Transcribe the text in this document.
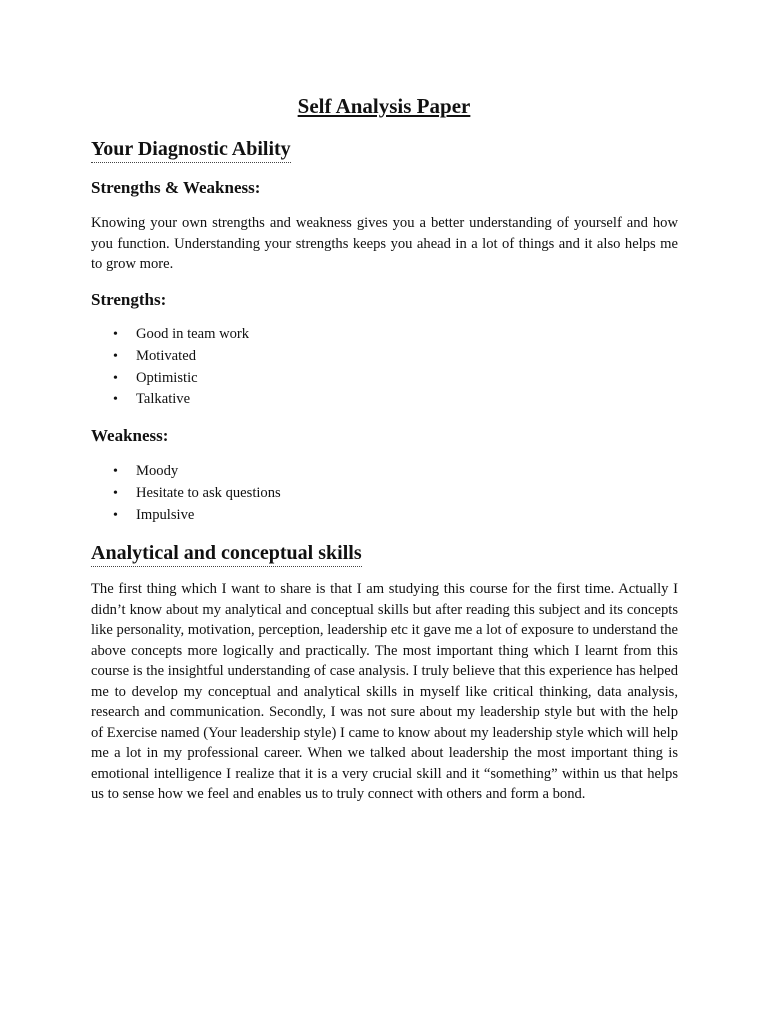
Self Analysis Paper
Your Diagnostic Ability
Strengths & Weakness:

Knowing your own strengths and weakness gives you a better understanding of yourself and how you function. Understanding your strengths keeps you ahead in a lot of things and it also helps me to grow more.

Strengths:
• Good in team work
• Motivated
• Optimistic
• Talkative
Weakness:
• Moody
• Hesitate to ask questions
• Impulsive
Analytical and conceptual skills

The first thing which I want to share is that I am studying this course for the first time. Actually I didn’t know about my analytical and conceptual skills but after reading this subject and its concepts like personality, motivation, perception, leadership etc it gave me a lot of exposure to understand the above concepts more logically and practically. The most important thing which I learnt from this course is the insightful understanding of case analysis. I truly believe that this experience has helped me to develop my conceptual and analytical skills in myself like critical thinking, data analysis, research and communication. Secondly, I was not sure about my leadership style but with the help of Exercise named (Your leadership style) I came to know about my leadership style which will help me a lot in my professional career. When we talked about leadership the most important thing is emotional intelligence I realize that it is a very crucial skill and it “something” within us that helps us to sense how we feel and enables us to truly connect with others and form a bond.
